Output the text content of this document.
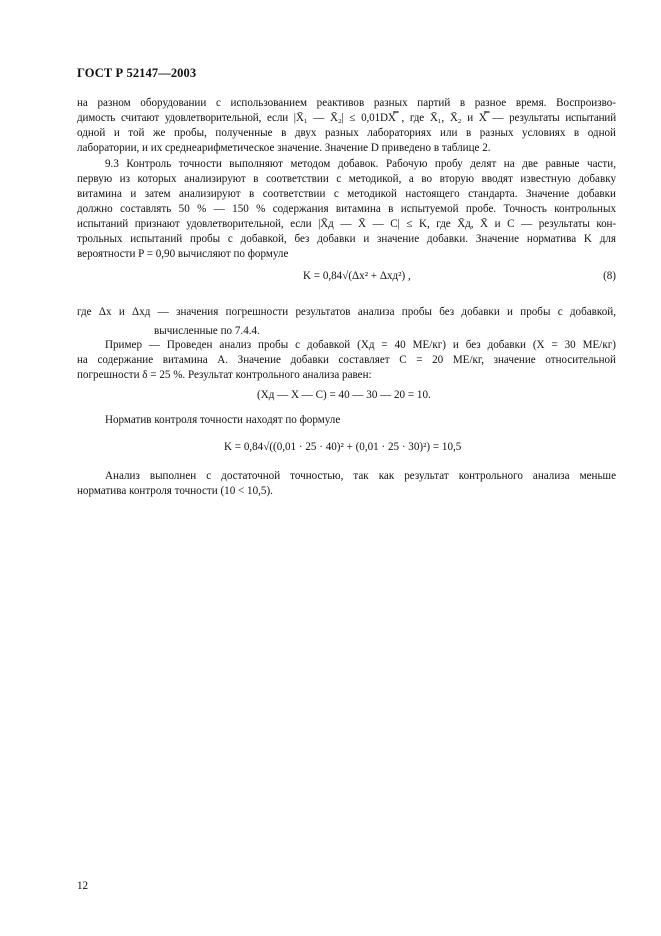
ГОСТ Р 52147—2003
на разном оборудовании с использованием реактивов разных партий в разное время. Воспроизво-
димость считают удовлетворительной, если |X̄₁ — X̄₂| ≤ 0,01DX̿ , где X̄₁, X̄₂ и X̿ — результаты испытаний
одной и той же пробы, полученные в двух разных лабораториях или в разных условиях в одной
лаборатории, и их среднеарифметическое значение. Значение D приведено в таблице 2.
9.3 Контроль точности выполняют методом добавок. Рабочую пробу делят на две равные части,
первую из которых анализируют в соответствии с методикой, а во вторую вводят известную добавку
витамина и затем анализируют в соответствии с методикой настоящего стандарта. Значение добавки
должно составлять 50 % — 150 % содержания витамина в испытуемой пробе. Точность контрольных
испытаний признают удовлетворительной, если |X̄д — X̄ — C| ≤ K, где X̄д, X̄ и C — результаты кон-
трольных испытаний пробы с добавкой, без добавки и значение добавки. Значение норматива K для
вероятности P = 0,90 вычисляют по формуле
K = 0,84√(Δx² + Δxд²) ,	(8)
где Δx и Δxд — значения погрешности результатов анализа пробы без добавки и пробы с добавкой,
вычисленные по 7.4.4.
Пример — Проведен анализ пробы с добавкой (Xд = 40 МЕ/кг) и без добавки (X = 30 МЕ/кг)
на содержание витамина А. Значение добавки составляет C = 20 МЕ/кг, значение относительной
погрешности δ = 25 %. Результат контрольного анализа равен:
(Xд — X — C) = 40 — 30 — 20 = 10.
Норматив контроля точности находят по формуле
K = 0,84√((0,01 · 25 · 40)² + (0,01 · 25 · 30)²) = 10,5
Анализ выполнен с достаточной точностью, так как результат контрольного анализа меньше
норматива контроля точности (10 < 10,5).
12
